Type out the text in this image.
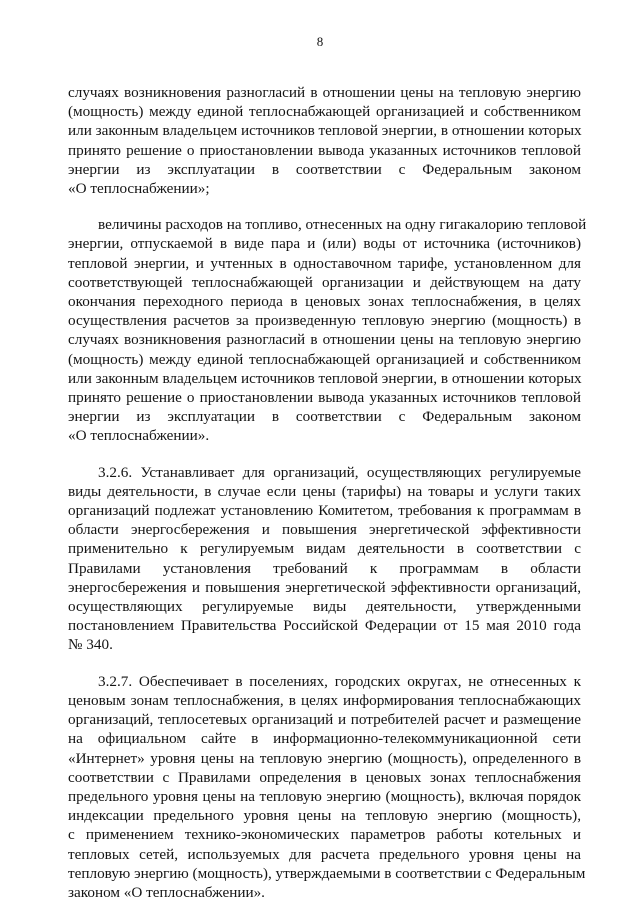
8
случаях возникновения разногласий в отношении цены на тепловую энергию
(мощность) между единой теплоснабжающей организацией и собственником
или законным владельцем источников тепловой энергии, в отношении которых
принято решение о приостановлении вывода указанных источников тепловой
энергии из эксплуатации в соответствии с Федеральным законом
«О теплоснабжении»;
величины расходов на топливо, отнесенных на одну гигакалорию тепловой
энергии, отпускаемой в виде пара и (или) воды от источника (источников)
тепловой энергии, и учтенных в одноставочном тарифе, установленном для
соответствующей теплоснабжающей организации и действующем на дату
окончания переходного периода в ценовых зонах теплоснабжения, в целях
осуществления расчетов за произведенную тепловую энергию (мощность) в
случаях возникновения разногласий в отношении цены на тепловую энергию
(мощность) между единой теплоснабжающей организацией и собственником
или законным владельцем источников тепловой энергии, в отношении которых
принято решение о приостановлении вывода указанных источников тепловой
энергии из эксплуатации в соответствии с Федеральным законом
«О теплоснабжении».
3.2.6. Устанавливает для организаций, осуществляющих регулируемые
виды деятельности, в случае если цены (тарифы) на товары и услуги таких
организаций подлежат установлению Комитетом, требования к программам в
области энергосбережения и повышения энергетической эффективности
применительно к регулируемым видам деятельности в соответствии с
Правилами установления требований к программам в области
энергосбережения и повышения энергетической эффективности организаций,
осуществляющих регулируемые виды деятельности, утвержденными
постановлением Правительства Российской Федерации от 15 мая 2010 года
№ 340.
3.2.7. Обеспечивает в поселениях, городских округах, не отнесенных к
ценовым зонам теплоснабжения, в целях информирования теплоснабжающих
организаций, теплосетевых организаций и потребителей расчет и размещение
на официальном сайте в информационно-телекоммуникационной сети
«Интернет» уровня цены на тепловую энергию (мощность), определенного в
соответствии с Правилами определения в ценовых зонах теплоснабжения
предельного уровня цены на тепловую энергию (мощность), включая порядок
индексации предельного уровня цены на тепловую энергию (мощность),
с применением технико-экономических параметров работы котельных и
тепловых сетей, используемых для расчета предельного уровня цены на
тепловую энергию (мощность), утверждаемыми в соответствии с Федеральным
законом «О теплоснабжении».
